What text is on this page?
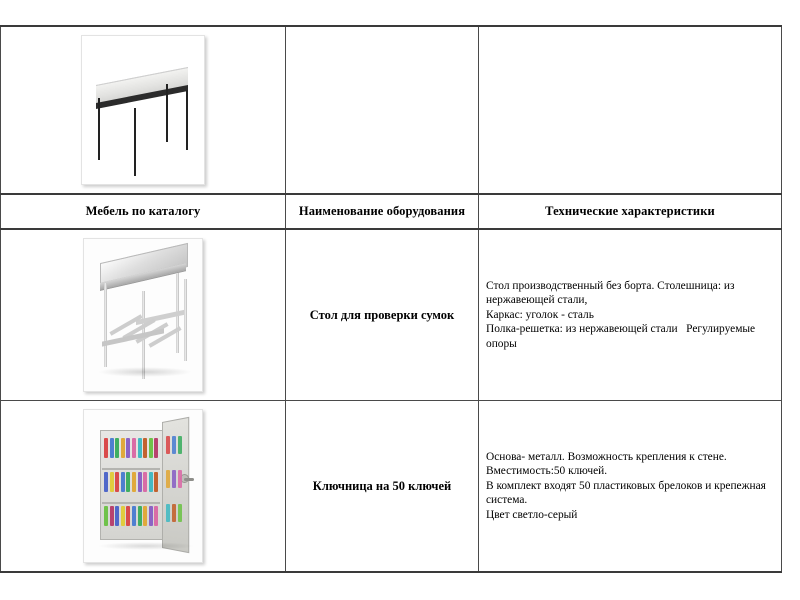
Мебель по каталогу	Наименование оборудования	Технические характеристики

	Стол для проверки сумок	Стол производственный без борта. Столешница: из нержавеющей стали,
Каркас: уголок - сталь
Полка-решетка: из нержавеющей стали   Регулируемые опоры

	Ключница на 50 ключей	Основа- металл. Возможность крепления к стене.
Вместимость:50 ключей.
В комплект входят 50 пластиковых брелоков и крепежная система.
Цвет светло-серый
